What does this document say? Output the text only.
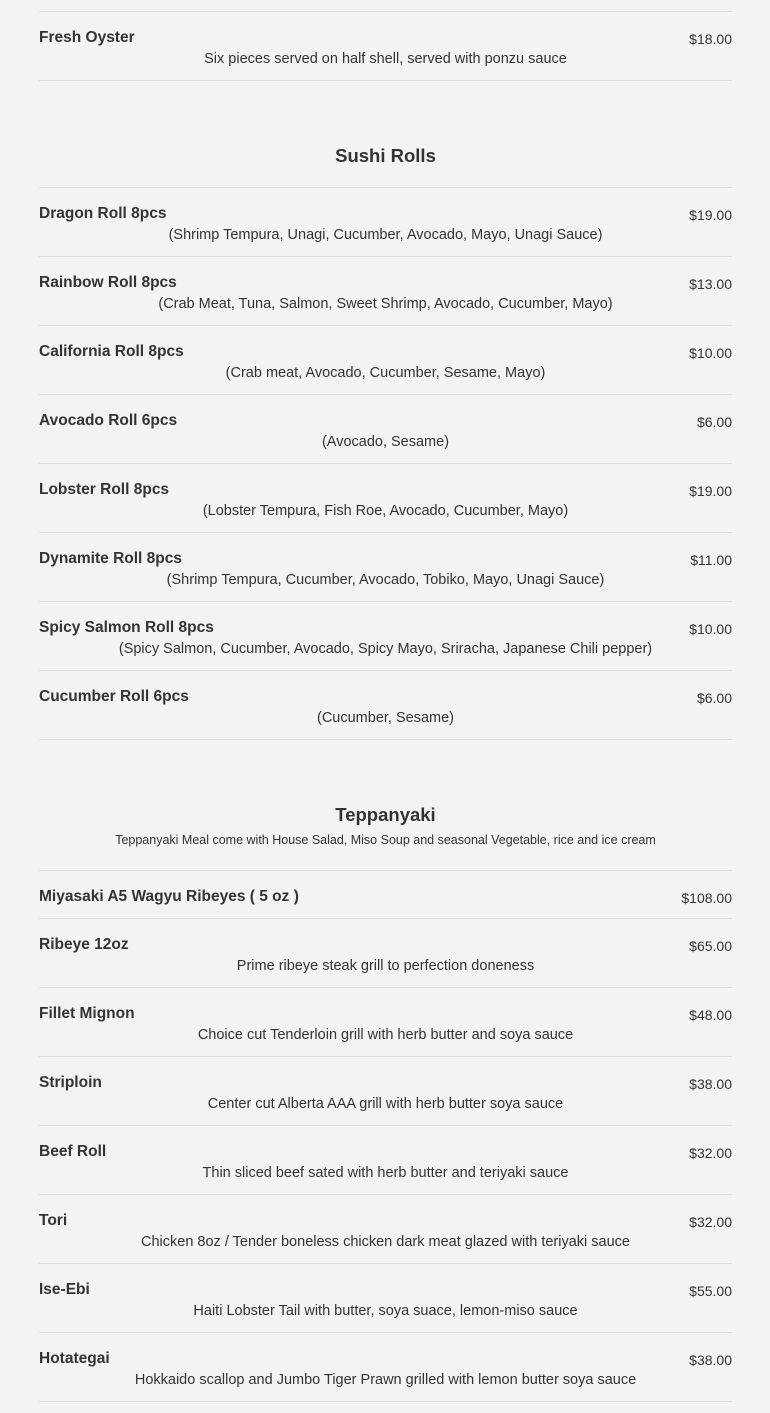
Fresh Oyster	$18.00
Six pieces served on half shell, served with ponzu sauce
Sushi Rolls
Dragon Roll 8pcs	$19.00
(Shrimp Tempura, Unagi, Cucumber, Avocado, Mayo, Unagi Sauce)
Rainbow Roll 8pcs	$13.00
(Crab Meat, Tuna, Salmon, Sweet Shrimp, Avocado, Cucumber, Mayo)
California Roll 8pcs	$10.00
(Crab meat, Avocado, Cucumber, Sesame, Mayo)
Avocado Roll 6pcs	$6.00
(Avocado, Sesame)
Lobster Roll 8pcs	$19.00
(Lobster Tempura, Fish Roe, Avocado, Cucumber, Mayo)
Dynamite Roll 8pcs	$11.00
(Shrimp Tempura, Cucumber, Avocado, Tobiko, Mayo, Unagi Sauce)
Spicy Salmon Roll 8pcs	$10.00
(Spicy Salmon, Cucumber, Avocado, Spicy Mayo, Sriracha, Japanese Chili pepper)
Cucumber Roll 6pcs	$6.00
(Cucumber, Sesame)
Teppanyaki
Teppanyaki Meal come with House Salad, Miso Soup and seasonal Vegetable, rice and ice cream
Miyasaki A5 Wagyu Ribeyes ( 5 oz )	$108.00
Ribeye 12oz	$65.00
Prime ribeye steak grill to perfection doneness
Fillet Mignon	$48.00
Choice cut Tenderloin grill with herb butter and soya sauce
Striploin	$38.00
Center cut Alberta AAA grill with herb butter soya sauce
Beef Roll	$32.00
Thin sliced beef sated with herb butter and teriyaki sauce
Tori	$32.00
Chicken 8oz / Tender boneless chicken dark meat glazed with teriyaki sauce
Ise-Ebi	$55.00
Haiti Lobster Tail with butter, soya suace, lemon-miso sauce
Hotategai	$38.00
Hokkaido scallop and Jumbo Tiger Prawn grilled with lemon butter soya sauce
